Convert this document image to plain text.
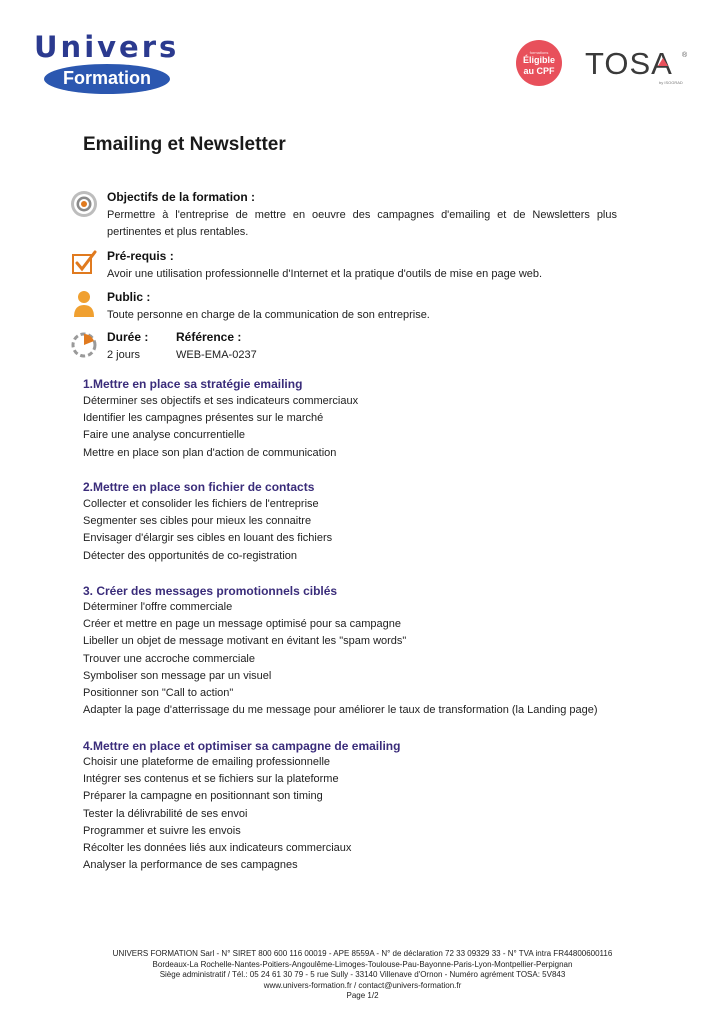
Univers
Formation
formations
Éligible
au CPF TOSA ®
by ISOGRAD
Emailing et Newsletter
Objectifs de la formation :
Permettre à l'entreprise de mettre en oeuvre des campagnes d'emailing et de Newsletters plus pertinentes et plus rentables.
Pré-requis :
Avoir une utilisation professionnelle d'Internet et la pratique d'outils de mise en page web.
Public :
Toute personne en charge de la communication de son entreprise.
Durée :
2 jours
Référence :
WEB-EMA-0237
1.Mettre en place sa stratégie emailing
Déterminer ses objectifs et ses indicateurs commerciaux
Identifier les campagnes présentes sur le marché
Faire une analyse concurrentielle
Mettre en place son plan d'action de communication
2.Mettre en place son fichier de contacts
Collecter et consolider les fichiers de l'entreprise
Segmenter ses cibles pour mieux les connaitre
Envisager d'élargir ses cibles en louant des fichiers
Détecter des opportunités de co-registration
3. Créer des messages promotionnels ciblés
Déterminer l'offre commerciale
Créer et mettre en page un message optimisé pour sa campagne
Libeller un objet de message motivant en évitant les "spam words"
Trouver une accroche commerciale
Symboliser son message par un visuel
Positionner son "Call to action"
Adapter la page d'atterrissage du me message pour améliorer le taux de transformation (la Landing page)
4.Mettre en place et optimiser sa campagne de emailing
Choisir une plateforme de emailing professionnelle
Intégrer ses contenus et se fichiers sur la plateforme
Préparer la campagne en positionnant son timing
Tester la délivrabilité de ses envoi
Programmer et suivre les envois
Récolter les données liés aux indicateurs commerciaux
Analyser la performance de ses campagnes
UNIVERS FORMATION Sarl - N° SIRET 800 600 116 00019 - APE 8559A - N° de déclaration 72 33 09329 33 - N° TVA intra FR44800600116
Bordeaux-La Rochelle-Nantes-Poitiers-Angoulême-Limoges-Toulouse-Pau-Bayonne-Paris-Lyon-Montpellier-Perpignan
Siège administratif / Tél.: 05 24 61 30 79 - 5 rue Sully - 33140 Villenave d'Ornon - Numéro agrément TOSA: 5V843
www.univers-formation.fr / contact@univers-formation.fr
Page 1/2
